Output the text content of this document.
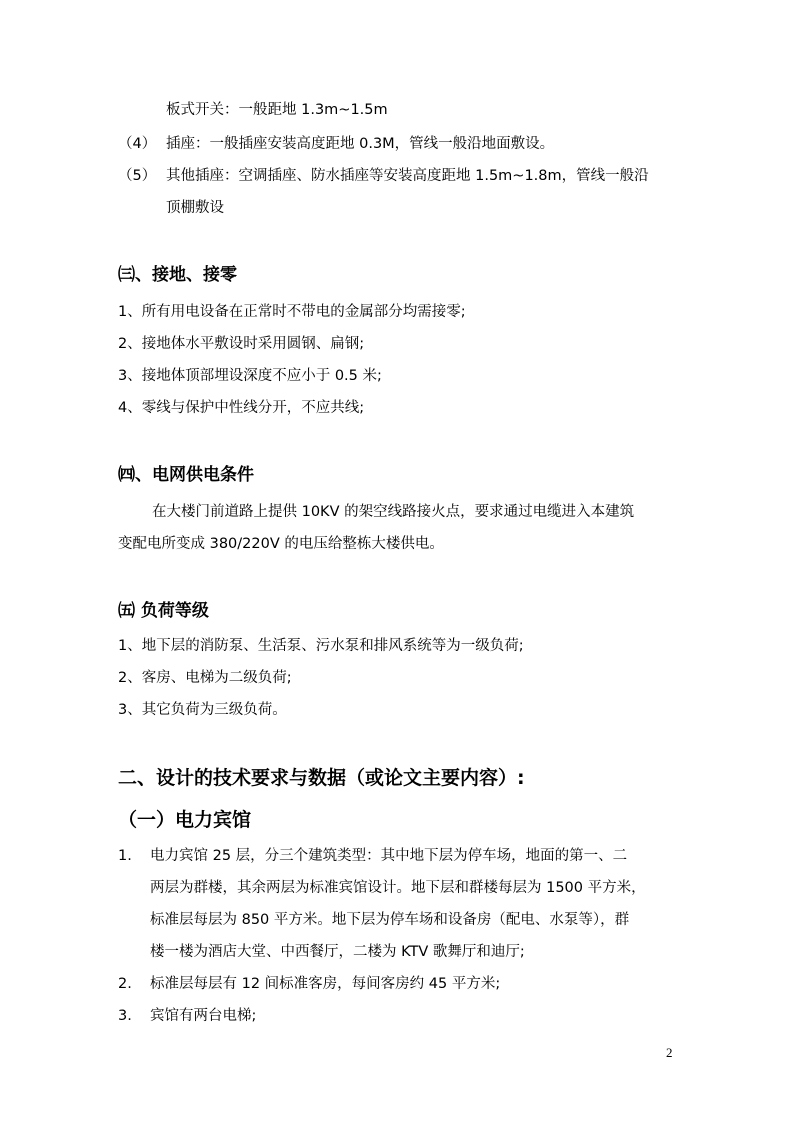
板式开关：一般距地 1.3m~1.5m
（4） 插座：一般插座安装高度距地 0.3M，管线一般沿地面敷设。
（5） 其他插座：空调插座、防水插座等安装高度距地 1.5m~1.8m，管线一般沿
顶棚敷设
㈢、接地、接零
1、所有用电设备在正常时不带电的金属部分均需接零;
2、接地体水平敷设时采用圆钢、扁钢;
3、接地体顶部埋设深度不应小于 0.5 米;
4、零线与保护中性线分开，不应共线;
㈣、电网供电条件
在大楼门前道路上提供 10KV 的架空线路接火点，要求通过电缆进入本建筑
变配电所变成 380/220V 的电压给整栋大楼供电。
㈤ 负荷等级
1、地下层的消防泵、生活泵、污水泵和排风系统等为一级负荷;
2、客房、电梯为二级负荷;
3、其它负荷为三级负荷。
二、设计的技术要求与数据（或论文主要内容）:
（一）电力宾馆
1. 电力宾馆 25 层，分三个建筑类型：其中地下层为停车场，地面的第一、二
两层为群楼，其余两层为标准宾馆设计。地下层和群楼每层为 1500 平方米，
标准层每层为 850 平方米。地下层为停车场和设备房（配电、水泵等），群
楼一楼为酒店大堂、中西餐厅，二楼为 KTV 歌舞厅和迪厅;
2. 标准层每层有 12 间标准客房，每间客房约 45 平方米;
3. 宾馆有两台电梯;
2
